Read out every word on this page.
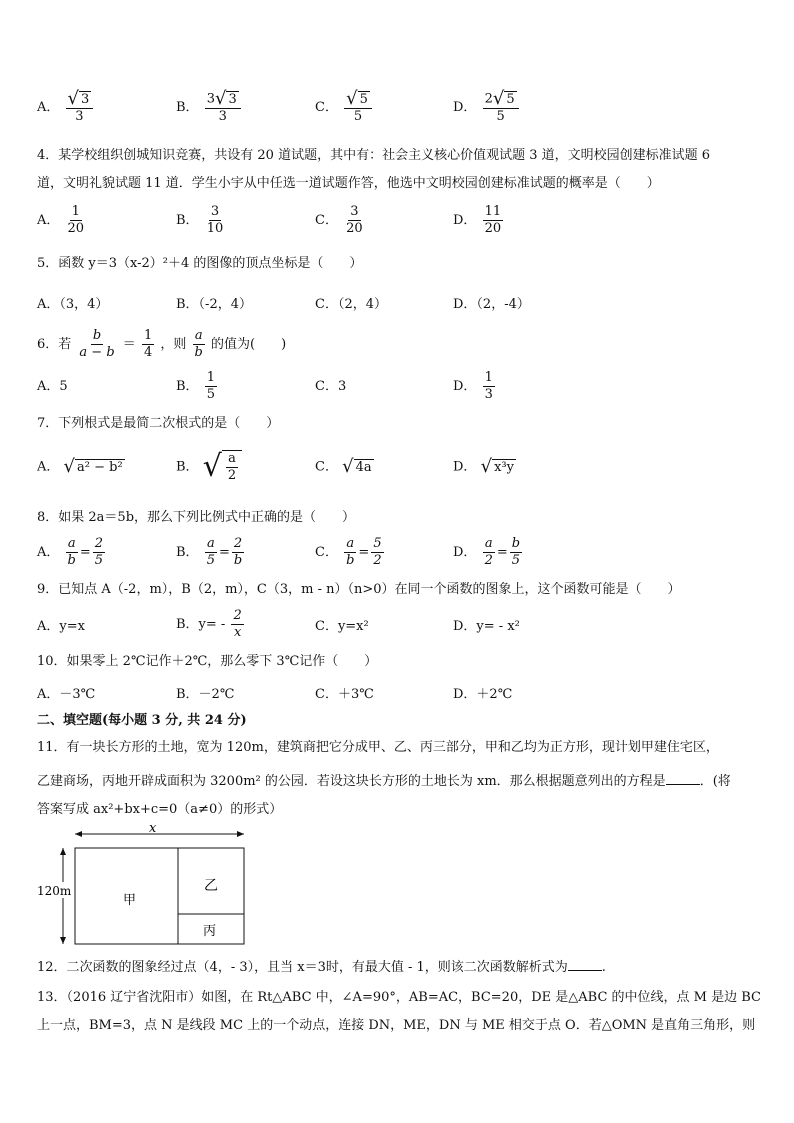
A． $\frac{√ 3}{3}$	B． $\frac{3 √ 3}{3}$	C． $\frac{√ 5}{5}$	D． $\frac{2 √ 5}{5}$
4．某学校组织创城知识竞赛，共设有 20 道试题，其中有：社会主义核心价值观试题 3 道，文明校园创建标准试题 6
道，文明礼貌试题 11 道．学生小宇从中任选一道试题作答，他选中文明校园创建标准试题的概率是（　　）
A． $\frac{1}{20}$	B． $\frac{3}{10}$	C． $\frac{3}{20}$	D． $\frac{11}{20}$
5．函数 y＝3（x-2）²＋4 的图像的顶点坐标是（　　）
A．（3，4）	B．（-2，4）	C．（2，4）	D．（2，-4）
6．若 $\frac{b}{a - b} = \frac{1}{4}$ ，则 $\frac{a}{b}$ 的值为(　　)
A．5	B． $\frac{1}{5}$	C．3	D． $\frac{1}{3}$
7．下列根式是最简二次根式的是（　　）
A． √ a² − b²	B． √ $\frac{a}{2}$	C． √ 4a	D． √ x³y
8．如果 2a＝5b，那么下列比例式中正确的是（　　）
A． $\frac{a}{b} = \frac{2}{5}$	B． $\frac{a}{5} = \frac{2}{b}$	C． $\frac{a}{b} = \frac{5}{2}$	D． $\frac{a}{2} = \frac{b}{5}$
9．已知点 A（-2，m），B（2，m），C（3，m - n）（n>0）在同一个函数的图象上，这个函数可能是（　　）
A．y=x	B．$y= - \frac{2}{x}$	C．y=x²	D．y= - x²
10．如果零上 2℃记作＋2℃，那么零下 3℃记作（　　）
A．－3℃	B．－2℃	C．＋3℃	D．＋2℃
二、填空题(每小题 3 分, 共 24 分)
11．有一块长方形的土地，宽为 120m，建筑商把它分成甲、乙、丙三部分，甲和乙均为正方形，现计划甲建住宅区，
乙建商场，丙地开辟成面积为 3200m² 的公园．若设这块长方形的土地长为 xm．那么根据题意列出的方程是	．(将
答案写成 ax²+bx+c=0（a≠0）的形式）
x
120m
甲
乙
丙
12．二次函数的图象经过点（4，- 3），且当 x＝3时，有最大值 - 1，则该二次函数解析式为	.
13．（2016 辽宁省沈阳市）如图，在 Rt△ABC 中，∠A=90°，AB=AC，BC=20，DE 是△ABC 的中位线，点 M 是边 BC
上一点，BM=3，点 N 是线段 MC 上的一个动点，连接 DN，ME，DN 与 ME 相交于点 O．若△OMN 是直角三角形，则
